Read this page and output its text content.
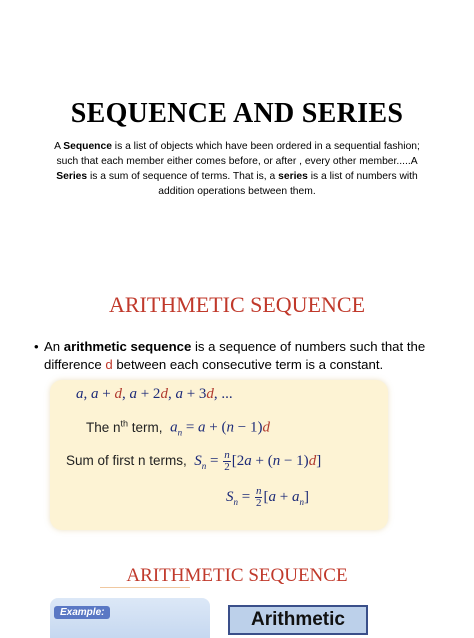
SEQUENCE AND SERIES
A Sequence is a list of objects which have been ordered in a sequential fashion; such that each member either comes before, or after , every other member.....A Series is a sum of sequence of terms. That is, a series is a list of numbers with addition operations between them.
ARITHMETIC SEQUENCE
• An arithmetic sequence is a sequence of numbers such that the difference d between each consecutive term is a constant.
a, a + d, a + 2d, a + 3d, ...
The $n^{th}$ term, $a_n = a + (n - 1)d$
Sum of first n terms, $S_n = \frac{n}{2} [2a + (n - 1)d]$
$S_n = \frac{n}{2} [a + a_n]$
ARITHMETIC SEQUENCE
Example:	Arithmetic
